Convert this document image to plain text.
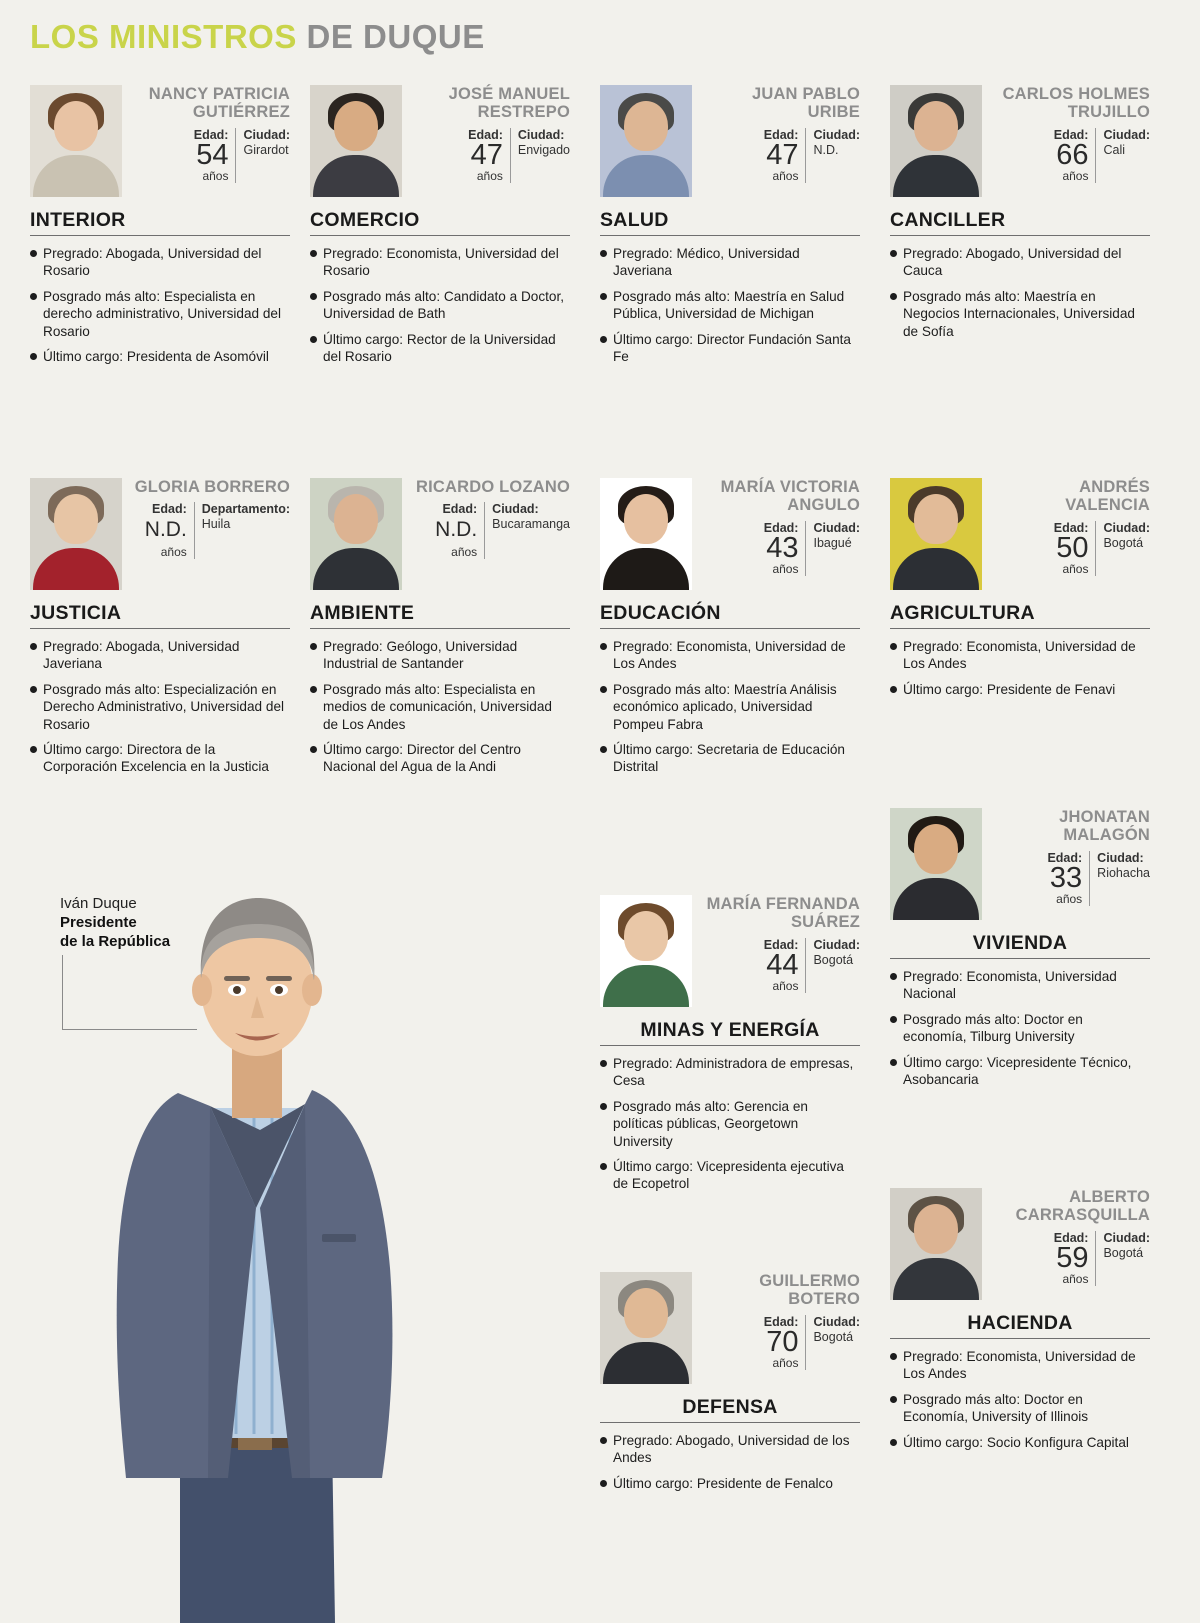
LOS MINISTROS DE DUQUE
NANCY PATRICIA GUTIÉRREZ
Edad:
54
años
Ciudad:
Girardot
INTERIOR
Pregrado: Abogada, Universidad del Rosario
Posgrado más alto: Especialista en derecho administrativo, Universidad del Rosario
Último cargo: Presidenta de Asomóvil
JOSÉ MANUEL RESTREPO
Edad:
47
años
Ciudad:
Envigado
COMERCIO
Pregrado: Economista, Universidad del Rosario
Posgrado más alto: Candidato a Doctor, Universidad de Bath
Último cargo: Rector de la Universidad del Rosario
JUAN PABLO URIBE
Edad:
47
años
Ciudad:
N.D.
SALUD
Pregrado: Médico, Universidad Javeriana
Posgrado más alto: Maestría en Salud Pública, Universidad de Michigan
Último cargo: Director Fundación Santa Fe
CARLOS HOLMES TRUJILLO
Edad:
66
años
Ciudad:
Cali
CANCILLER
Pregrado: Abogado, Universidad del Cauca
Posgrado más alto: Maestría en Negocios Internacionales, Universidad de Sofía
GLORIA BORRERO
Edad:
N.D.
años
Departamento:
Huila
JUSTICIA
Pregrado: Abogada, Universidad Javeriana
Posgrado más alto: Especialización en Derecho Administrativo, Universidad del Rosario
Último cargo: Directora de la Corporación Excelencia en la Justicia
RICARDO LOZANO
Edad:
N.D.
años
Ciudad:
Bucaramanga
AMBIENTE
Pregrado: Geólogo, Universidad Industrial de Santander
Posgrado más alto: Especialista en medios de comunicación, Universidad de Los Andes
Último cargo: Director del Centro Nacional del Agua de la Andi
MARÍA VICTORIA ANGULO
Edad:
43
años
Ciudad:
Ibagué
EDUCACIÓN
Pregrado: Economista, Universidad de Los Andes
Posgrado más alto: Maestría Análisis económico aplicado, Universidad Pompeu Fabra
Último cargo: Secretaria de Educación Distrital
ANDRÉS VALENCIA
Edad:
50
años
Ciudad:
Bogotá
AGRICULTURA
Pregrado: Economista, Universidad de Los Andes
Último cargo: Presidente de Fenavi
JHONATAN MALAGÓN
Edad:
33
años
Ciudad:
Riohacha
VIVIENDA
Pregrado: Economista, Universidad Nacional
Posgrado más alto: Doctor en economía, Tilburg University
Último cargo: Vicepresidente Técnico, Asobancaria
MARÍA FERNANDA SUÁREZ
Edad:
44
años
Ciudad:
Bogotá
MINAS Y ENERGÍA
Pregrado: Administradora de empresas, Cesa
Posgrado más alto: Gerencia en políticas públicas, Georgetown University
Último cargo: Vicepresidenta ejecutiva de Ecopetrol
ALBERTO CARRASQUILLA
Edad:
59
años
Ciudad:
Bogotá
HACIENDA
Pregrado: Economista, Universidad de Los Andes
Posgrado más alto: Doctor en Economía, University of Illinois
Último cargo: Socio Konfigura Capital
GUILLERMO BOTERO
Edad:
70
años
Ciudad:
Bogotá
DEFENSA
Pregrado: Abogado, Universidad de los Andes
Último cargo: Presidente de Fenalco
Iván Duque
Presidente
de la República
